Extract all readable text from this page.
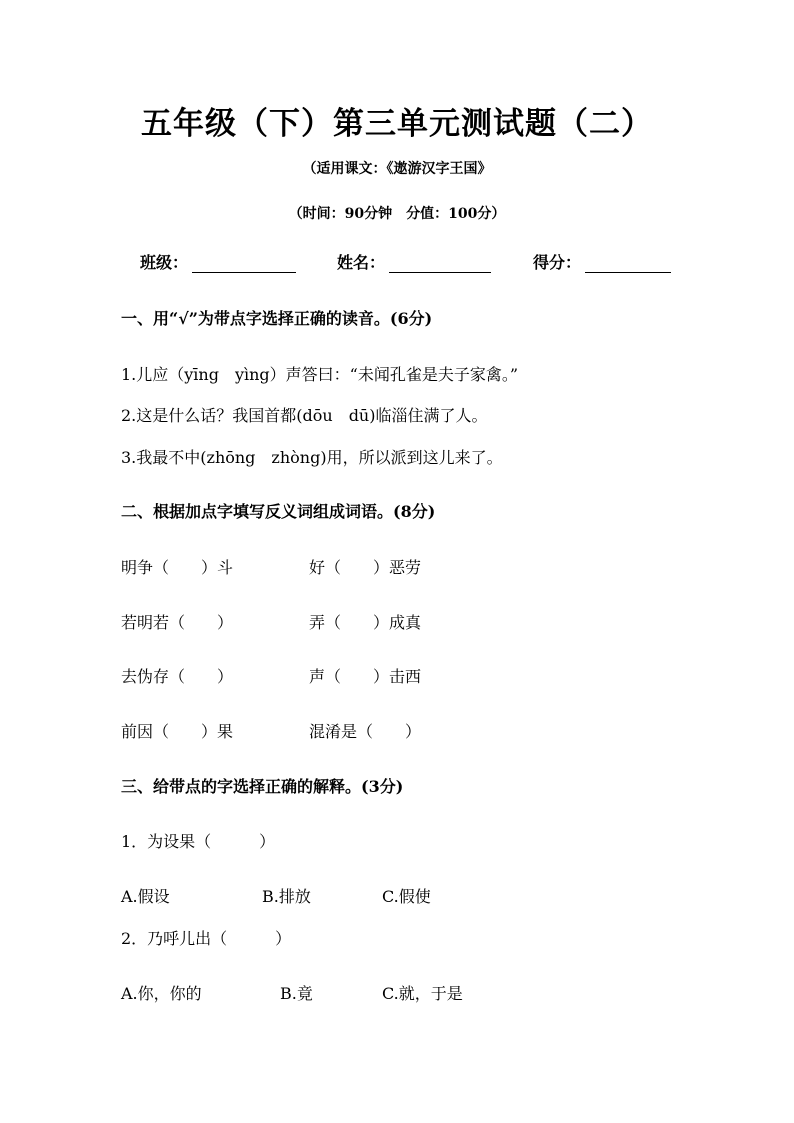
五年级（下）第三单元测试题（二）
（适用课文：《遨游汉字王国》
（时间：90分钟　分值：100分）
班级：	姓名：	得分：
一、用“√”为带点字选择正确的读音。(6分)
1.儿应（yīng　yìng）声答曰：“未闻孔雀是夫子家禽。”
2.这是什么话？我国首都(dōu　dū)临淄住满了人。
3.我最不中(zhōng　zhòng)用，所以派到这儿来了。
二、根据加点字填写反义词组成词语。(8分)
明争（　　）斗	好（　　）恶劳
若明若（　　）	弄（　　）成真
去伪存（　　）	声（　　）击西
前因（　　）果	混淆是（　　）
三、给带点的字选择正确的解释。(3分)
1．为设果（　　　）
A.假设	B.排放	C.假使
2．乃呼儿出（　　　）
A.你，你的	B.竟	C.就，于是
